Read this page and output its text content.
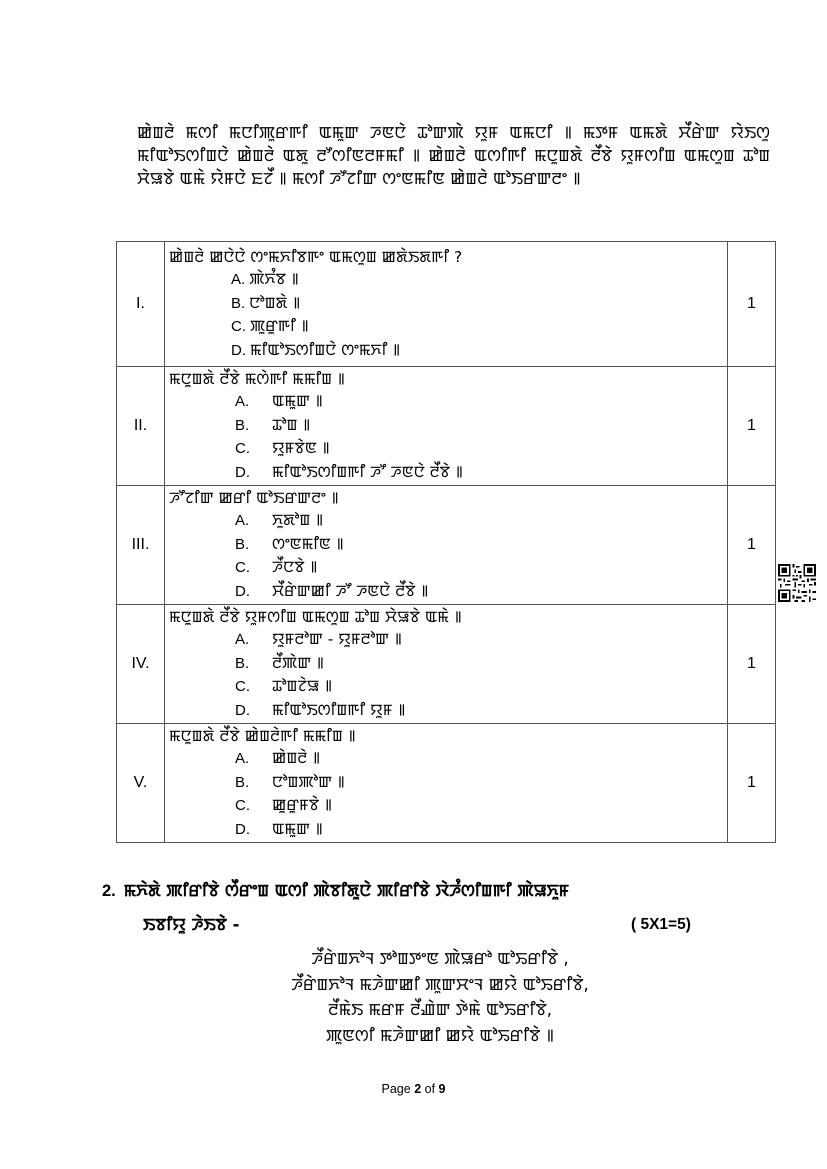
ꯀꯥꯡꯂꯥ ꯃꯁꯤ ꯃꯅꯤꯄꯨꯔꯒꯤ ꯑꯃꯨꯛ ꯍꯟꯅꯥ ꯊꯣꯛꯄꯥ ꯌꯨꯝ ꯑꯃꯅꯤ ꯫ ꯃꯇꯝ ꯑꯃꯗꯥ ꯆꯩꯔꯥꯛ ꯌꯥꯏꯁꯨ ꯃꯤꯑꯣꯏꯁꯤꯡꯅꯥ ꯀꯥꯡꯂꯥ ꯑꯗꯨ ꯂꯧꯁꯤꯟꯂꯝꯃꯤ ꯫ ꯀꯥꯡꯂꯥ ꯑꯁꯤꯒꯤ ꯃꯅꯨꯡꯗꯥ ꯂꯩꯕꯥ ꯌꯨꯝꯁꯤꯡ ꯑꯃꯁꯨꯡ ꯊꯣꯡ ꯆꯥꯎꯕꯥ ꯑꯃꯥ ꯌꯥꯝꯅꯥ ꯐꯖꯩ ꯫ ꯃꯁꯤ ꯍꯧꯖꯤꯛ ꯁꯦꯟꯃꯤꯟ ꯀꯥꯡꯂꯥ ꯑꯣꯏꯔꯛꯂꯦ ꯫

I.	ꯀꯥꯡꯂꯥ ꯀꯅꯥꯅꯥ ꯁꯦꯃꯈꯤꯕꯒꯦ ꯑꯃꯁꯨꯡ ꯀꯗꯥꯏꯗꯒꯤ ?
A. ꯄꯥꯈꯪꯕ ꯫
B. ꯅꯣꯡꯗꯥ ꯫
C. ꯄꯨꯔꯨꯒꯤ ꯫
D. ꯃꯤꯑꯣꯏꯁꯤꯡꯅꯥ ꯁꯦꯃꯈꯤ ꯫	1
II.	ꯃꯅꯨꯡꯗꯥ ꯂꯩꯕꯥ ꯃꯁꯥꯒꯤ ꯃꯃꯤꯡ ꯫
A. ꯑꯃꯨꯛ ꯫
B. ꯊꯣꯡ ꯫
C. ꯌꯨꯝꯕꯥꯟ ꯫
D. ꯃꯤꯑꯣꯏꯁꯤꯡꯒꯤ ꯍꯧ ꯍꯟꯅꯥ ꯂꯩꯕꯥ ꯫	1
III.	ꯍꯧꯖꯤꯛ ꯀꯔꯤ ꯑꯣꯏꯔꯛꯂꯦ ꯫
A. ꯈꯨꯗꯣꯡ ꯫
B. ꯁꯦꯟꯃꯤꯟ ꯫
C. ꯍꯩꯅꯕꯥ ꯫
D. ꯆꯩꯔꯥꯛꯀꯤ ꯍꯧ ꯍꯟꯅꯥ ꯂꯩꯕꯥ ꯫	1
IV.	ꯃꯅꯨꯡꯗꯥ ꯂꯩꯕꯥ ꯌꯨꯝꯁꯤꯡ ꯑꯃꯁꯨꯡ ꯊꯣꯡ ꯆꯥꯎꯕꯥ ꯑꯃꯥ ꯫
A. ꯌꯨꯝꯂꯣꯛ - ꯌꯨꯝꯂꯣꯛ ꯫
B. ꯂꯩꯄꯥꯛ ꯫
C. ꯊꯣꯡꯖꯥꯎ ꯫
D. ꯃꯤꯑꯣꯏꯁꯤꯡꯒꯤ ꯌꯨꯝ ꯫	1
V.	ꯃꯅꯨꯡꯗꯥ ꯂꯩꯕꯥ ꯀꯥꯡꯂꯥꯒꯤ ꯃꯃꯤꯡ ꯫
A. ꯀꯥꯡꯂꯥ ꯫
B. ꯅꯣꯡꯄꯣꯛ ꯫
C. ꯀꯨꯔꯨꯝꯕꯥ ꯫
D. ꯑꯃꯨꯛ ꯫	1
2. ꯃꯈꯥꯗꯥ ꯄꯤꯔꯤꯕꯥ ꯁꯩꯔꯦꯡ ꯑꯁꯤ ꯄꯥꯕꯤꯗꯨꯅꯥ ꯄꯤꯔꯤꯕꯥ ꯋꯥꯍꯪꯁꯤꯡꯒꯤ ꯄꯥꯎꯈꯨꯝ
ꯏꯕꯤꯌꯨ ꯍꯥꯏꯕꯥ -	( 5X1=5)
ꯍꯩꯔꯥꯡꯈꯣꯜ ꯇꯣꯡꯇꯦꯟ ꯄꯥꯎꯔꯣ ꯑꯣꯢꯔꯤꯕꯥ ,
ꯍꯩꯔꯥꯡꯈꯣꯜ ꯃꯍꯥꯛꯀꯤ ꯄꯨꯛꯆꯦꯜ ꯀꯌꯥ ꯑꯣꯢꯔꯤꯕꯥ,
ꯂꯩꯃꯥꯏ ꯃꯔꯝ ꯂꯩꯉꯥꯛ ꯇꯥꯃꯥ ꯑꯣꯢꯔꯤꯕꯥ,
ꯄꯨꯟꯁꯤ ꯃꯍꯥꯛꯀꯤ ꯀꯌꯥ ꯑꯣꯢꯔꯤꯕꯥ ꯫
Page 2 of 9
